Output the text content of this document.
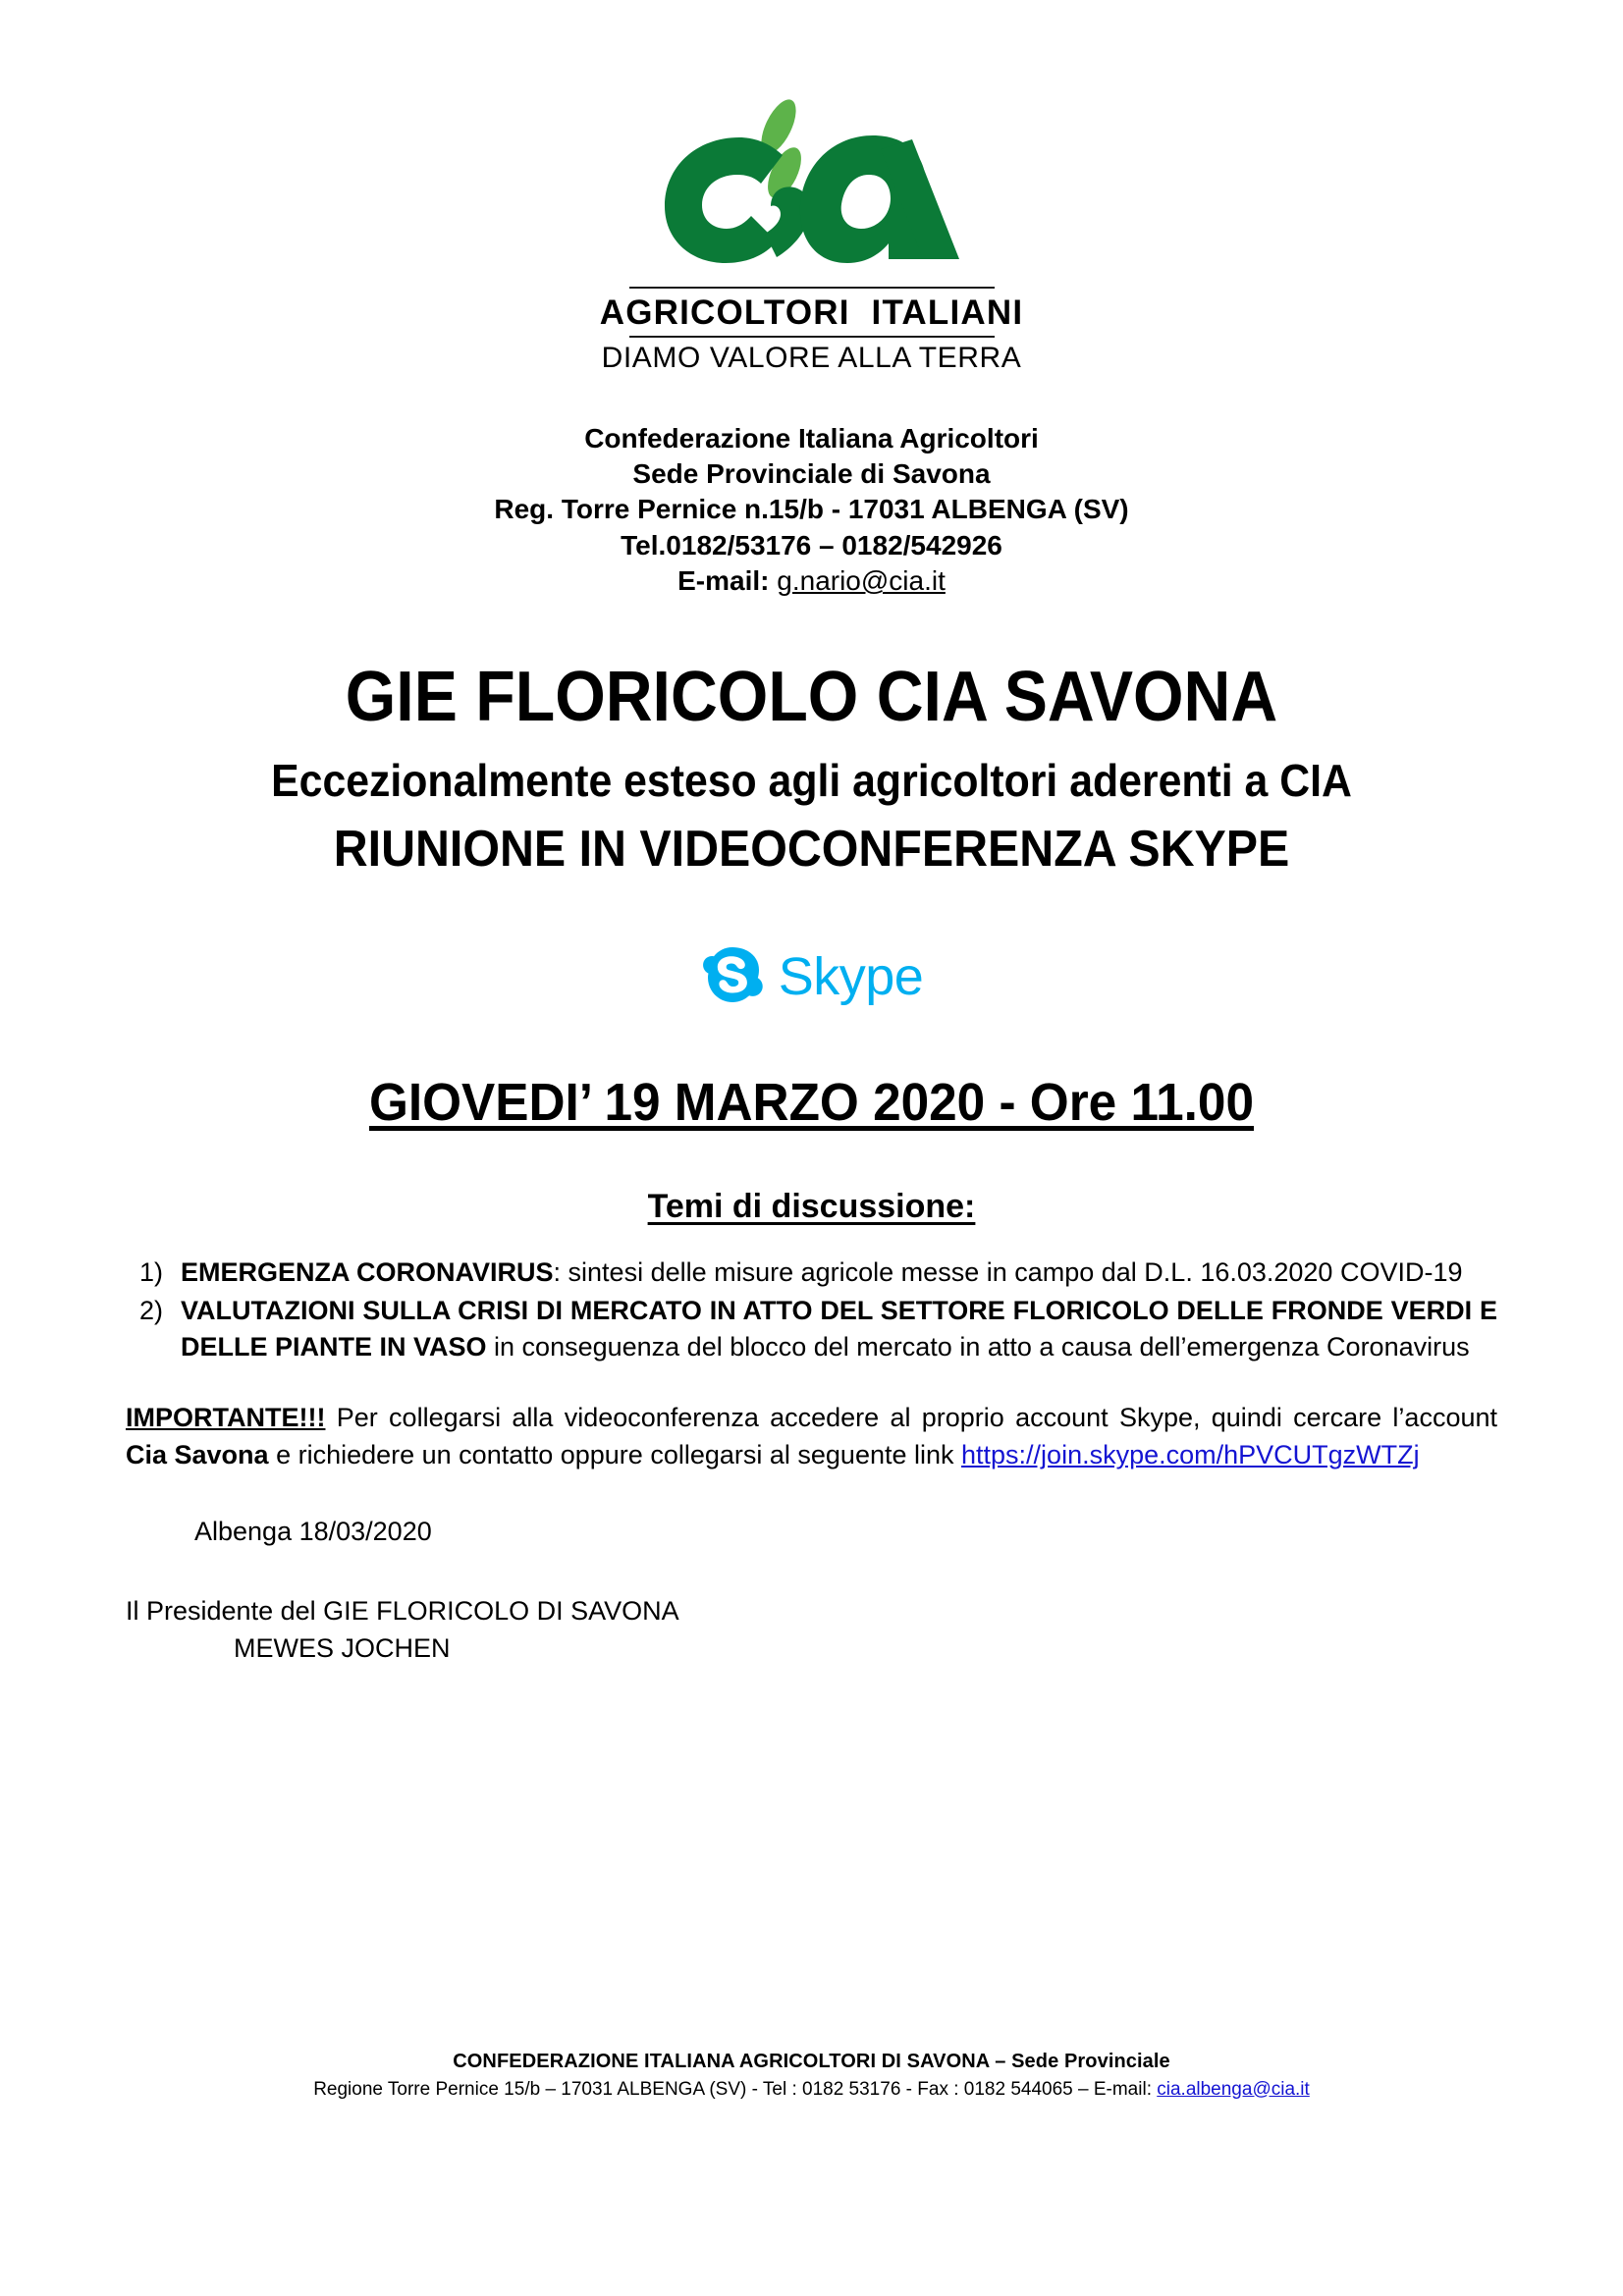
AGRICOLTORI  ITALIANI
DIAMO VALORE ALLA TERRA
Confederazione Italiana Agricoltori
Sede Provinciale di Savona
Reg. Torre Pernice n.15/b - 17031 ALBENGA (SV)
Tel.0182/53176 – 0182/542926
E-mail: g.nario@cia.it
GIE FLORICOLO CIA SAVONA
Eccezionalmente esteso agli agricoltori aderenti a CIA
RIUNIONE IN VIDEOCONFERENZA SKYPE
Skype
GIOVEDI’ 19 MARZO 2020 - Ore 11.00
Temi di discussione:
1) EMERGENZA CORONAVIRUS: sintesi delle misure agricole messe in campo dal D.L. 16.03.2020 COVID-19
2) VALUTAZIONI SULLA CRISI DI MERCATO IN ATTO DEL SETTORE FLORICOLO DELLE FRONDE VERDI E DELLE PIANTE IN VASO in conseguenza del blocco del mercato in atto a causa dell’emergenza Coronavirus
IMPORTANTE!!! Per collegarsi alla videoconferenza accedere al proprio account Skype, quindi cercare l’account Cia Savona e richiedere un contatto oppure collegarsi al seguente link https://join.skype.com/hPVCUTgzWTZj
Albenga 18/03/2020
Il Presidente del GIE FLORICOLO DI SAVONA
MEWES JOCHEN
CONFEDERAZIONE ITALIANA AGRICOLTORI DI SAVONA – Sede Provinciale
Regione Torre Pernice 15/b – 17031 ALBENGA (SV) - Tel : 0182 53176 - Fax : 0182 544065 – E-mail: cia.albenga@cia.it
